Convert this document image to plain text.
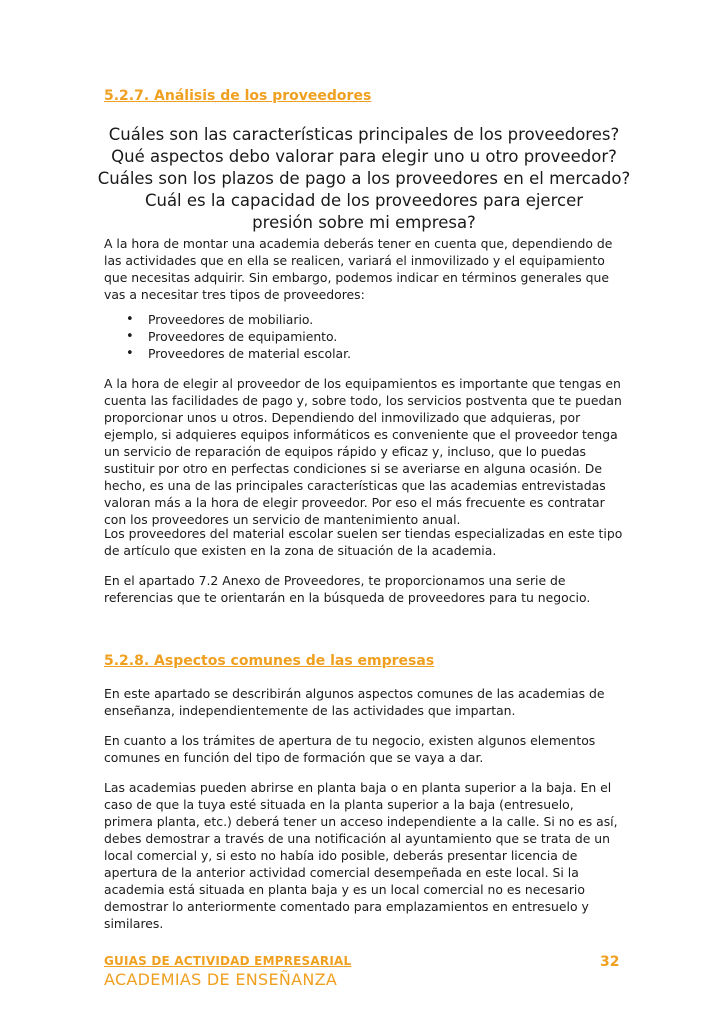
5.2.7. Análisis de los proveedores
Cuáles son las características principales de los proveedores?
Qué aspectos debo valorar para elegir uno u otro proveedor?
Cuáles son los plazos de pago a los proveedores en el mercado?
Cuál es la capacidad de los proveedores para ejercer presión sobre mi empresa?

A la hora de montar una academia deberás tener en cuenta que, dependiendo de las actividades que en ella se realicen, variará el inmovilizado y el equipamiento que necesitas adquirir. Sin embargo, podemos indicar en términos generales que vas a necesitar tres tipos de proveedores:

• Proveedores de mobiliario.
• Proveedores de equipamiento.
• Proveedores de material escolar.

A la hora de elegir al proveedor de los equipamientos es importante que tengas en cuenta las facilidades de pago y, sobre todo, los servicios postventa que te puedan proporcionar unos u otros. Dependiendo del inmovilizado que adquieras, por ejemplo, si adquieres equipos informáticos es conveniente que el proveedor tenga un servicio de reparación de equipos rápido y eficaz y, incluso, que lo puedas sustituir por otro en perfectas condiciones si se averiarse en alguna ocasión. De hecho, es una de las principales características que las academias entrevistadas valoran más a la hora de elegir proveedor. Por eso el más frecuente es contratar con los proveedores un servicio de mantenimiento anual.

Los proveedores del material escolar suelen ser tiendas especializadas en este tipo de artículo que existen en la zona de situación de la academia.

En el apartado 7.2 Anexo de Proveedores, te proporcionamos una serie de referencias que te orientarán en la búsqueda de proveedores para tu negocio.

5.2.8. Aspectos comunes de las empresas

En este apartado se describirán algunos aspectos comunes de las academias de enseñanza, independientemente de las actividades que impartan.

En cuanto a los trámites de apertura de tu negocio, existen algunos elementos comunes en función del tipo de formación que se vaya a dar.

Las academias pueden abrirse en planta baja o en planta superior a la baja. En el caso de que la tuya esté situada en la planta superior a la baja (entresuelo, primera planta, etc.) deberá tener un acceso independiente a la calle. Si no es así, debes demostrar a través de una notificación al ayuntamiento que se trata de un local comercial y, si esto no había ido posible, deberás presentar licencia de apertura de la anterior actividad comercial desempeñada en este local. Si la academia está situada en planta baja y es un local comercial no es necesario demostrar lo anteriormente comentado para emplazamientos en entresuelo y similares.

GUIAS DE ACTIVIDAD EMPRESARIAL
ACADEMIAS DE ENSEÑANZA
32
